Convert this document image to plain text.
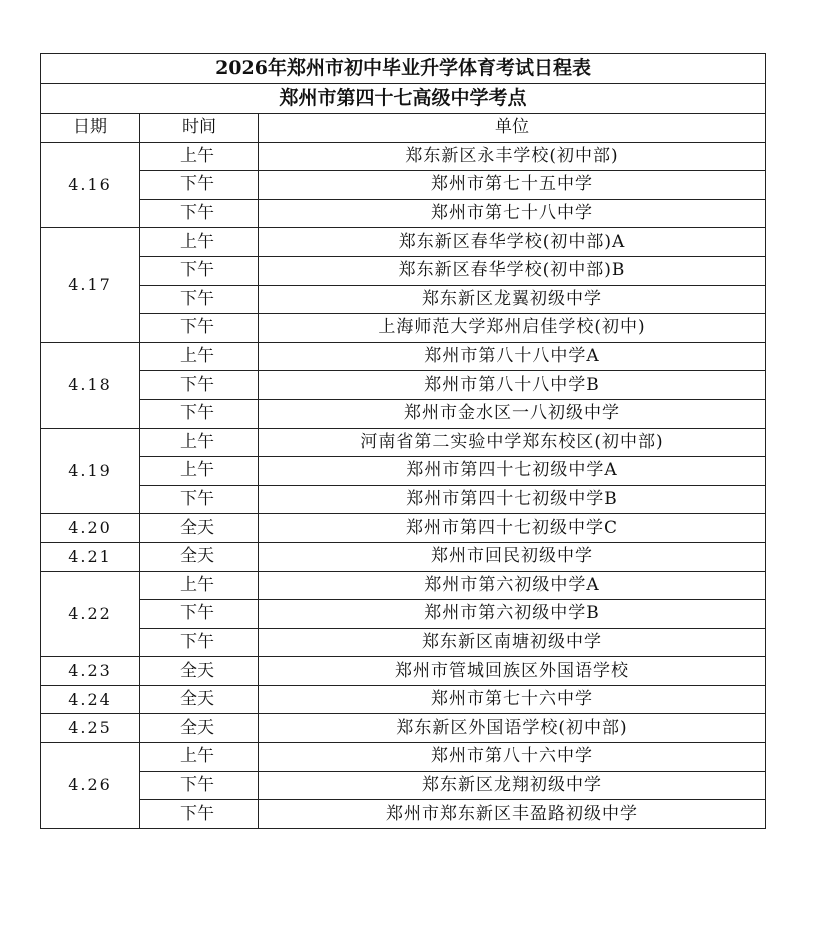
2026年郑州市初中毕业升学体育考试日程表		
郑州市第四十七高级中学考点		
日期	时间	单位
4.16	上午	郑东新区永丰学校(初中部)
	下午	郑州市第七十五中学
	下午	郑州市第七十八中学
4.17	上午	郑东新区春华学校(初中部)A
	下午	郑东新区春华学校(初中部)B
	下午	郑东新区龙翼初级中学
	下午	上海师范大学郑州启佳学校(初中)
4.18	上午	郑州市第八十八中学A
	下午	郑州市第八十八中学B
	下午	郑州市金水区一八初级中学
4.19	上午	河南省第二实验中学郑东校区(初中部)
	上午	郑州市第四十七初级中学A
	下午	郑州市第四十七初级中学B
4.20	全天	郑州市第四十七初级中学C
4.21	全天	郑州市回民初级中学
4.22	上午	郑州市第六初级中学A
	下午	郑州市第六初级中学B
	下午	郑东新区南塘初级中学
4.23	全天	郑州市管城回族区外国语学校
4.24	全天	郑州市第七十六中学
4.25	全天	郑东新区外国语学校(初中部)
4.26	上午	郑州市第八十六中学
	下午	郑东新区龙翔初级中学
	下午	郑州市郑东新区丰盈路初级中学
